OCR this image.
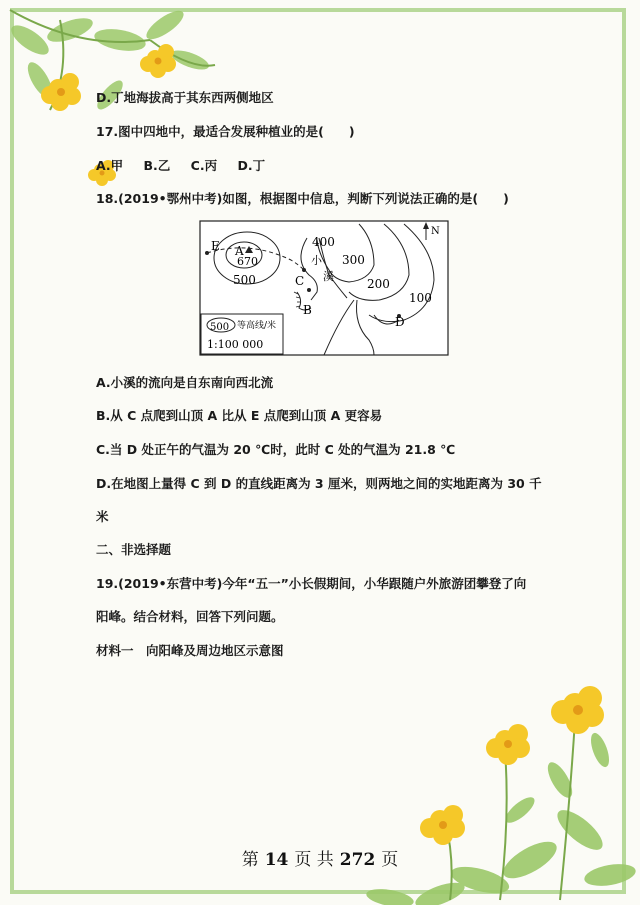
D.丁地海拔高于其东西两侧地区
17.图中四地中，最适合发展种植业的是(　　)
A.甲 B.乙 C.丙 D.丁
18.(2019•鄂州中考)如图，根据图中信息，判断下列说法正确的是(　　)
E A
670
C
B
D
N
小
溪
400
500
300
200
100
500 等高线/米
1:100 000
A.小溪的流向是自东南向西北流
B.从 C 点爬到山顶 A 比从 E 点爬到山顶 A 更容易
C.当 D 处正午的气温为 20 ℃时，此时 C 处的气温为 21.8 ℃
D.在地图上量得 C 到 D 的直线距离为 3 厘米，则两地之间的实地距离为 30 千
米
二、非选择题
19.(2019•东营中考)今年“五一”小长假期间，小华跟随户外旅游团攀登了向
阳峰。结合材料，回答下列问题。
材料一　向阳峰及周边地区示意图
第 14 页 共 272 页
